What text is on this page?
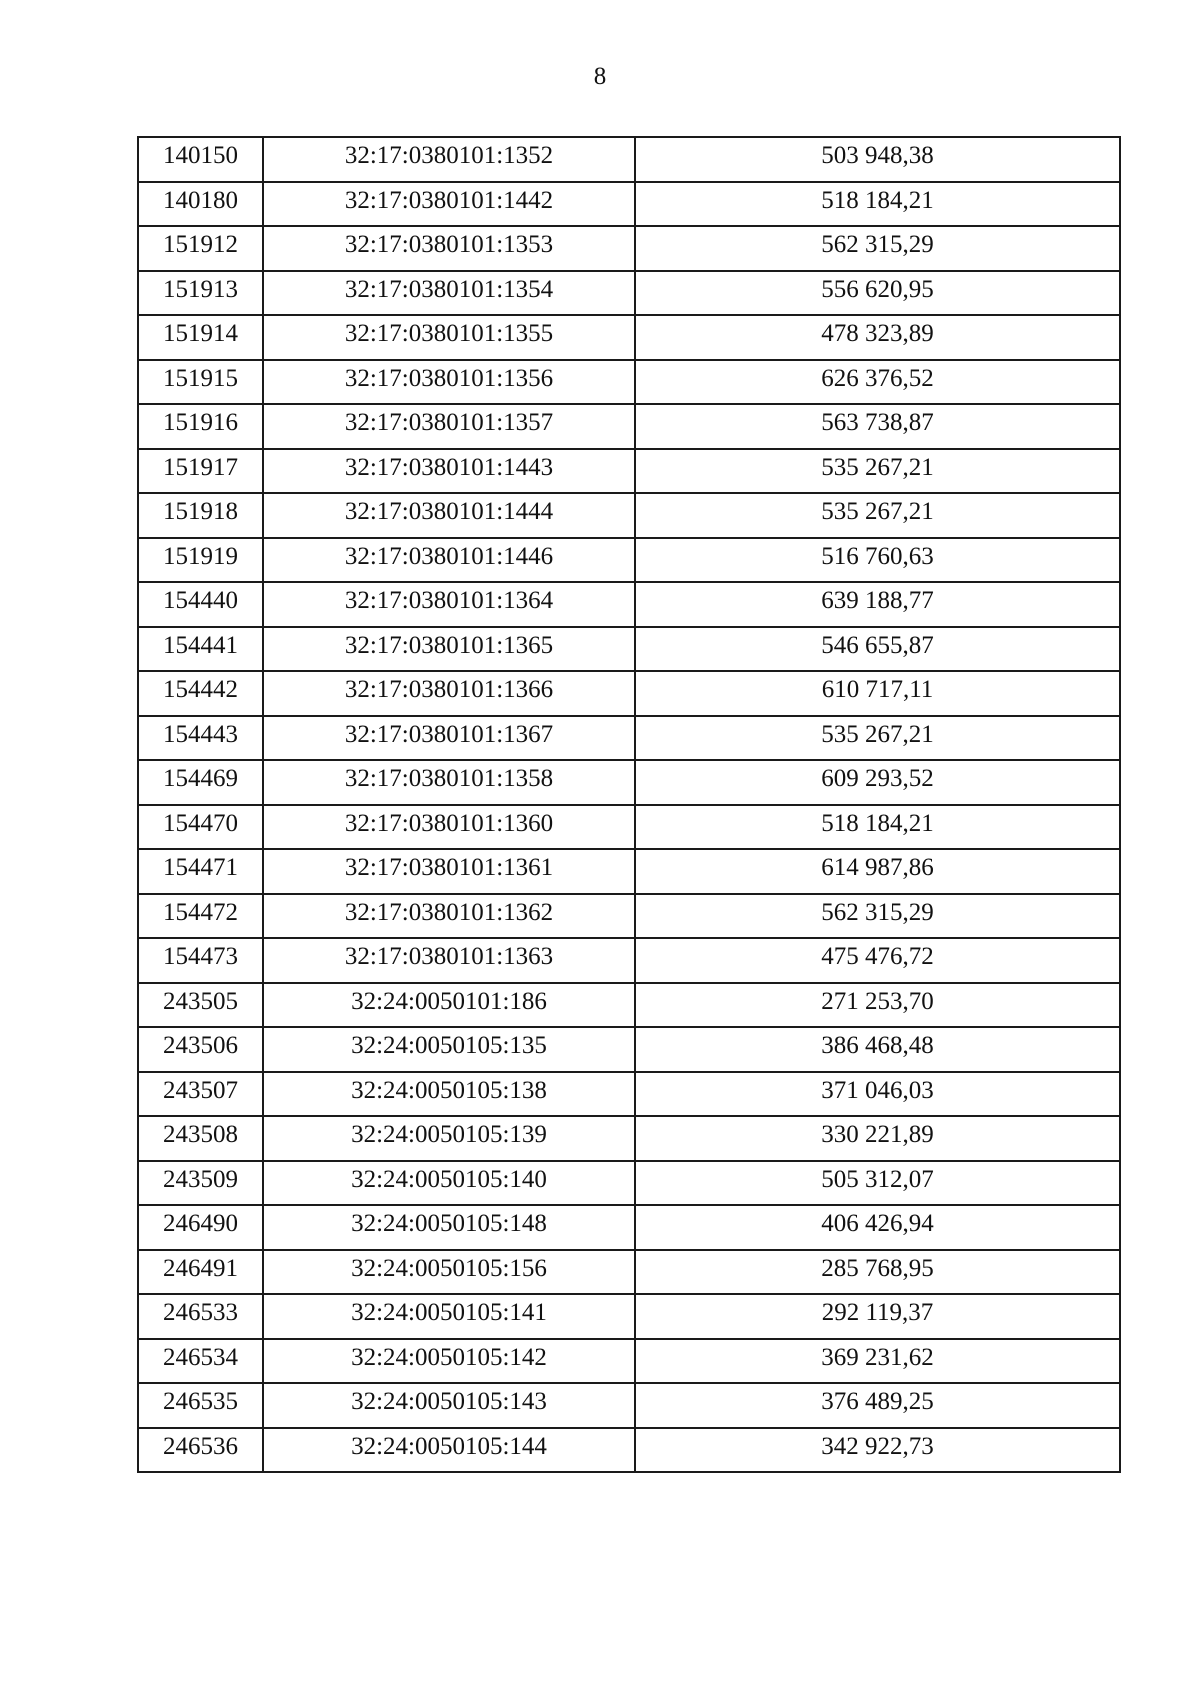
8
140150	32:17:0380101:1352	503 948,38
140180	32:17:0380101:1442	518 184,21
151912	32:17:0380101:1353	562 315,29
151913	32:17:0380101:1354	556 620,95
151914	32:17:0380101:1355	478 323,89
151915	32:17:0380101:1356	626 376,52
151916	32:17:0380101:1357	563 738,87
151917	32:17:0380101:1443	535 267,21
151918	32:17:0380101:1444	535 267,21
151919	32:17:0380101:1446	516 760,63
154440	32:17:0380101:1364	639 188,77
154441	32:17:0380101:1365	546 655,87
154442	32:17:0380101:1366	610 717,11
154443	32:17:0380101:1367	535 267,21
154469	32:17:0380101:1358	609 293,52
154470	32:17:0380101:1360	518 184,21
154471	32:17:0380101:1361	614 987,86
154472	32:17:0380101:1362	562 315,29
154473	32:17:0380101:1363	475 476,72
243505	32:24:0050101:186	271 253,70
243506	32:24:0050105:135	386 468,48
243507	32:24:0050105:138	371 046,03
243508	32:24:0050105:139	330 221,89
243509	32:24:0050105:140	505 312,07
246490	32:24:0050105:148	406 426,94
246491	32:24:0050105:156	285 768,95
246533	32:24:0050105:141	292 119,37
246534	32:24:0050105:142	369 231,62
246535	32:24:0050105:143	376 489,25
246536	32:24:0050105:144	342 922,73
